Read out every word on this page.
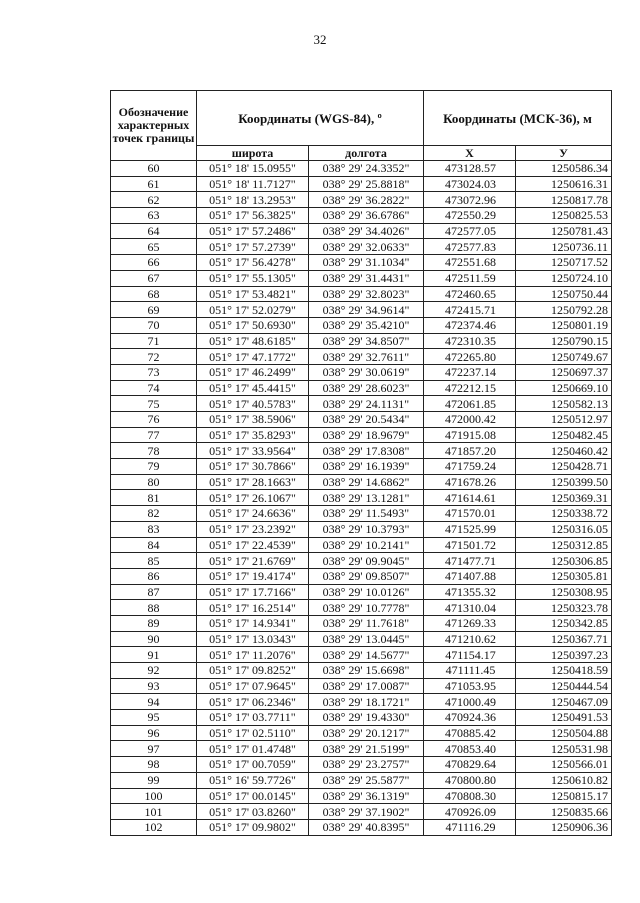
32
Обозначение характерных точек границы	Координаты (WGS-84), º		Координаты (МСК-36), м	
	широта	долгота	X	У
60	051° 18' 15.0955"	038° 29' 24.3352"	473128.57	1250586.34
61	051° 18' 11.7127"	038° 29' 25.8818"	473024.03	1250616.31
62	051° 18' 13.2953"	038° 29' 36.2822"	473072.96	1250817.78
63	051° 17' 56.3825"	038° 29' 36.6786"	472550.29	1250825.53
64	051° 17' 57.2486"	038° 29' 34.4026"	472577.05	1250781.43
65	051° 17' 57.2739"	038° 29' 32.0633"	472577.83	1250736.11
66	051° 17' 56.4278"	038° 29' 31.1034"	472551.68	1250717.52
67	051° 17' 55.1305"	038° 29' 31.4431"	472511.59	1250724.10
68	051° 17' 53.4821"	038° 29' 32.8023"	472460.65	1250750.44
69	051° 17' 52.0279"	038° 29' 34.9614"	472415.71	1250792.28
70	051° 17' 50.6930"	038° 29' 35.4210"	472374.46	1250801.19
71	051° 17' 48.6185"	038° 29' 34.8507"	472310.35	1250790.15
72	051° 17' 47.1772"	038° 29' 32.7611"	472265.80	1250749.67
73	051° 17' 46.2499"	038° 29' 30.0619"	472237.14	1250697.37
74	051° 17' 45.4415"	038° 29' 28.6023"	472212.15	1250669.10
75	051° 17' 40.5783"	038° 29' 24.1131"	472061.85	1250582.13
76	051° 17' 38.5906"	038° 29' 20.5434"	472000.42	1250512.97
77	051° 17' 35.8293"	038° 29' 18.9679"	471915.08	1250482.45
78	051° 17' 33.9564"	038° 29' 17.8308"	471857.20	1250460.42
79	051° 17' 30.7866"	038° 29' 16.1939"	471759.24	1250428.71
80	051° 17' 28.1663"	038° 29' 14.6862"	471678.26	1250399.50
81	051° 17' 26.1067"	038° 29' 13.1281"	471614.61	1250369.31
82	051° 17' 24.6636"	038° 29' 11.5493"	471570.01	1250338.72
83	051° 17' 23.2392"	038° 29' 10.3793"	471525.99	1250316.05
84	051° 17' 22.4539"	038° 29' 10.2141"	471501.72	1250312.85
85	051° 17' 21.6769"	038° 29' 09.9045"	471477.71	1250306.85
86	051° 17' 19.4174"	038° 29' 09.8507"	471407.88	1250305.81
87	051° 17' 17.7166"	038° 29' 10.0126"	471355.32	1250308.95
88	051° 17' 16.2514"	038° 29' 10.7778"	471310.04	1250323.78
89	051° 17' 14.9341"	038° 29' 11.7618"	471269.33	1250342.85
90	051° 17' 13.0343"	038° 29' 13.0445"	471210.62	1250367.71
91	051° 17' 11.2076"	038° 29' 14.5677"	471154.17	1250397.23
92	051° 17' 09.8252"	038° 29' 15.6698"	471111.45	1250418.59
93	051° 17' 07.9645"	038° 29' 17.0087"	471053.95	1250444.54
94	051° 17' 06.2346"	038° 29' 18.1721"	471000.49	1250467.09
95	051° 17' 03.7711"	038° 29' 19.4330"	470924.36	1250491.53
96	051° 17' 02.5110"	038° 29' 20.1217"	470885.42	1250504.88
97	051° 17' 01.4748"	038° 29' 21.5199"	470853.40	1250531.98
98	051° 17' 00.7059"	038° 29' 23.2757"	470829.64	1250566.01
99	051° 16' 59.7726"	038° 29' 25.5877"	470800.80	1250610.82
100	051° 17' 00.0145"	038° 29' 36.1319"	470808.30	1250815.17
101	051° 17' 03.8260"	038° 29' 37.1902"	470926.09	1250835.66
102	051° 17' 09.9802"	038° 29' 40.8395"	471116.29	1250906.36
